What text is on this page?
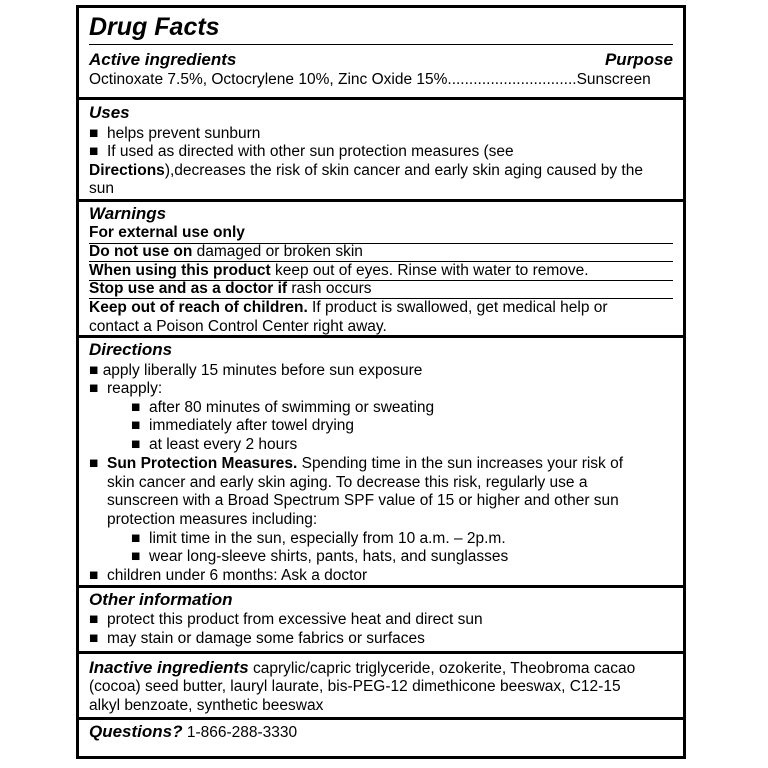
Drug Facts
Active ingredients	Purpose
Octinoxate 7.5%, Octocrylene 10%, Zinc Oxide 15%..............................Sunscreen
Uses
■ helps prevent sunburn
■ If used as directed with other sun protection measures (see
Directions),decreases the risk of skin cancer and early skin aging caused by the
sun
Warnings
For external use only
Do not use on damaged or broken skin
When using this product keep out of eyes. Rinse with water to remove.
Stop use and as a doctor if rash occurs
Keep out of reach of children. If product is swallowed, get medical help or
contact a Poison Control Center right away.
Directions
■ apply liberally 15 minutes before sun exposure
■ reapply:
■ after 80 minutes of swimming or sweating
■ immediately after towel drying
■ at least every 2 hours
■ Sun Protection Measures. Spending time in the sun increases your risk of
skin cancer and early skin aging. To decrease this risk, regularly use a
sunscreen with a Broad Spectrum SPF value of 15 or higher and other sun
protection measures including:
■ limit time in the sun, especially from 10 a.m. – 2p.m.
■ wear long-sleeve shirts, pants, hats, and sunglasses
■ children under 6 months: Ask a doctor
Other information
■ protect this product from excessive heat and direct sun
■ may stain or damage some fabrics or surfaces
Inactive ingredients caprylic/capric triglyceride, ozokerite, Theobroma cacao
(cocoa) seed butter, lauryl laurate, bis-PEG-12 dimethicone beeswax, C12-15
alkyl benzoate, synthetic beeswax
Questions? 1-866-288-3330
